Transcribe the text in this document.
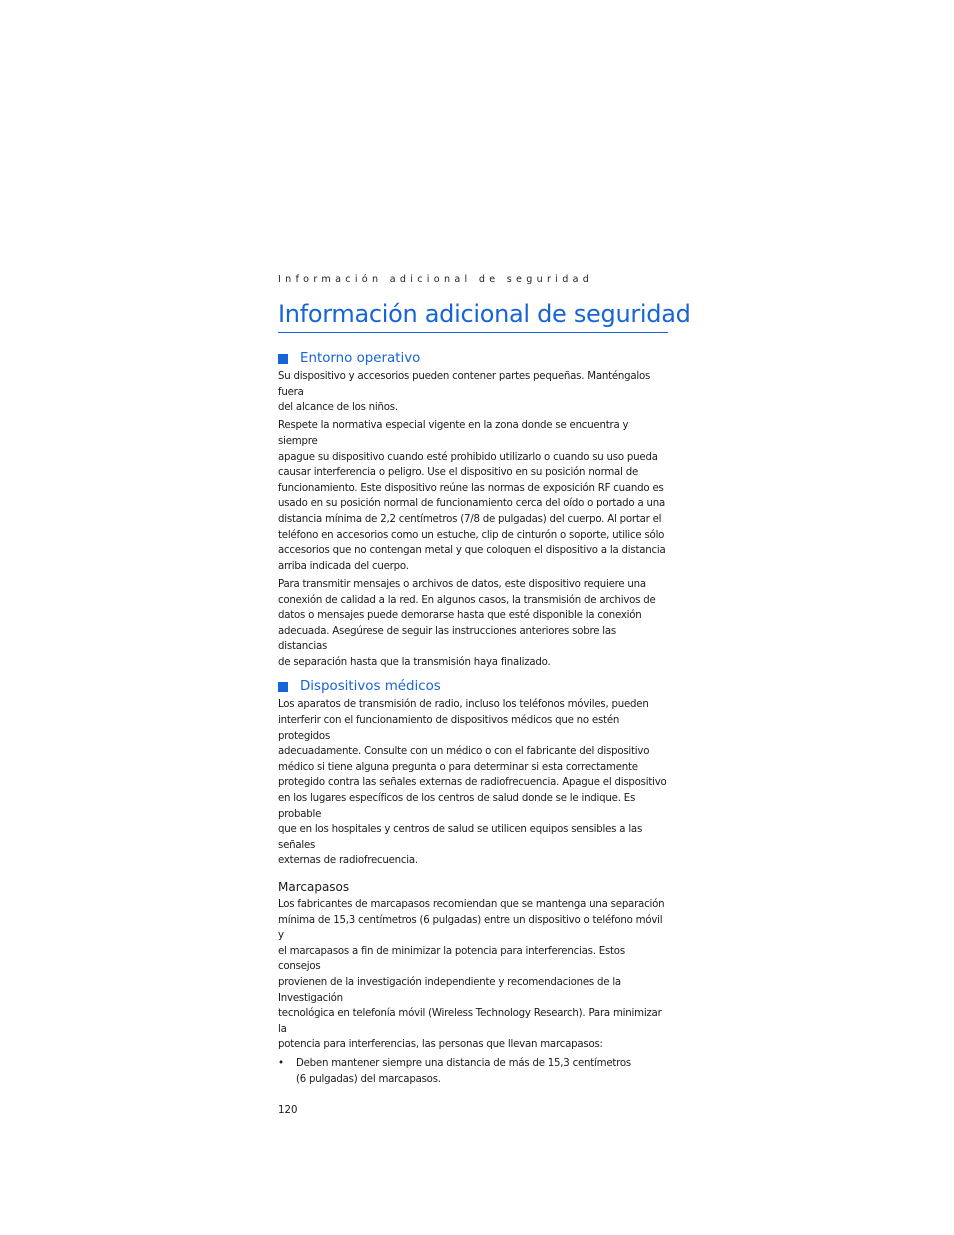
Información adicional de seguridad
Información adicional de seguridad
Entorno operativo

Su dispositivo y accesorios pueden contener partes pequeñas. Manténgalos fuera
del alcance de los niños.

Respete la normativa especial vigente en la zona donde se encuentra y siempre
apague su dispositivo cuando esté prohibido utilizarlo o cuando su uso pueda
causar interferencia o peligro. Use el dispositivo en su posición normal de
funcionamiento. Este dispositivo reúne las normas de exposición RF cuando es
usado en su posición normal de funcionamiento cerca del oído o portado a una
distancia mínima de 2,2 centímetros (7/8 de pulgadas) del cuerpo. Al portar el
teléfono en accesorios como un estuche, clip de cinturón o soporte, utilice sólo
accesorios que no contengan metal y que coloquen el dispositivo a la distancia
arriba indicada del cuerpo.

Para transmitir mensajes o archivos de datos, este dispositivo requiere una
conexión de calidad a la red. En algunos casos, la transmisión de archivos de
datos o mensajes puede demorarse hasta que esté disponible la conexión
adecuada. Asegúrese de seguir las instrucciones anteriores sobre las distancias
de separación hasta que la transmisión haya finalizado.

Dispositivos médicos

Los aparatos de transmisión de radio, incluso los teléfonos móviles, pueden
interferir con el funcionamiento de dispositivos médicos que no estén protegidos
adecuadamente. Consulte con un médico o con el fabricante del dispositivo
médico si tiene alguna pregunta o para determinar si esta correctamente
protegido contra las señales externas de radiofrecuencia. Apague el dispositivo
en los lugares específicos de los centros de salud donde se le indique. Es probable
que en los hospitales y centros de salud se utilicen equipos sensibles a las señales
externas de radiofrecuencia.

Marcapasos

Los fabricantes de marcapasos recomiendan que se mantenga una separación
mínima de 15,3 centímetros (6 pulgadas) entre un dispositivo o teléfono móvil y
el marcapasos a fin de minimizar la potencia para interferencias. Estos consejos
provienen de la investigación independiente y recomendaciones de la Investigación
tecnológica en telefonía móvil (Wireless Technology Research). Para minimizar la
potencia para interferencias, las personas que llevan marcapasos:

•	Deben mantener siempre una distancia de más de 15,3 centímetros
(6 pulgadas) del marcapasos.
120
